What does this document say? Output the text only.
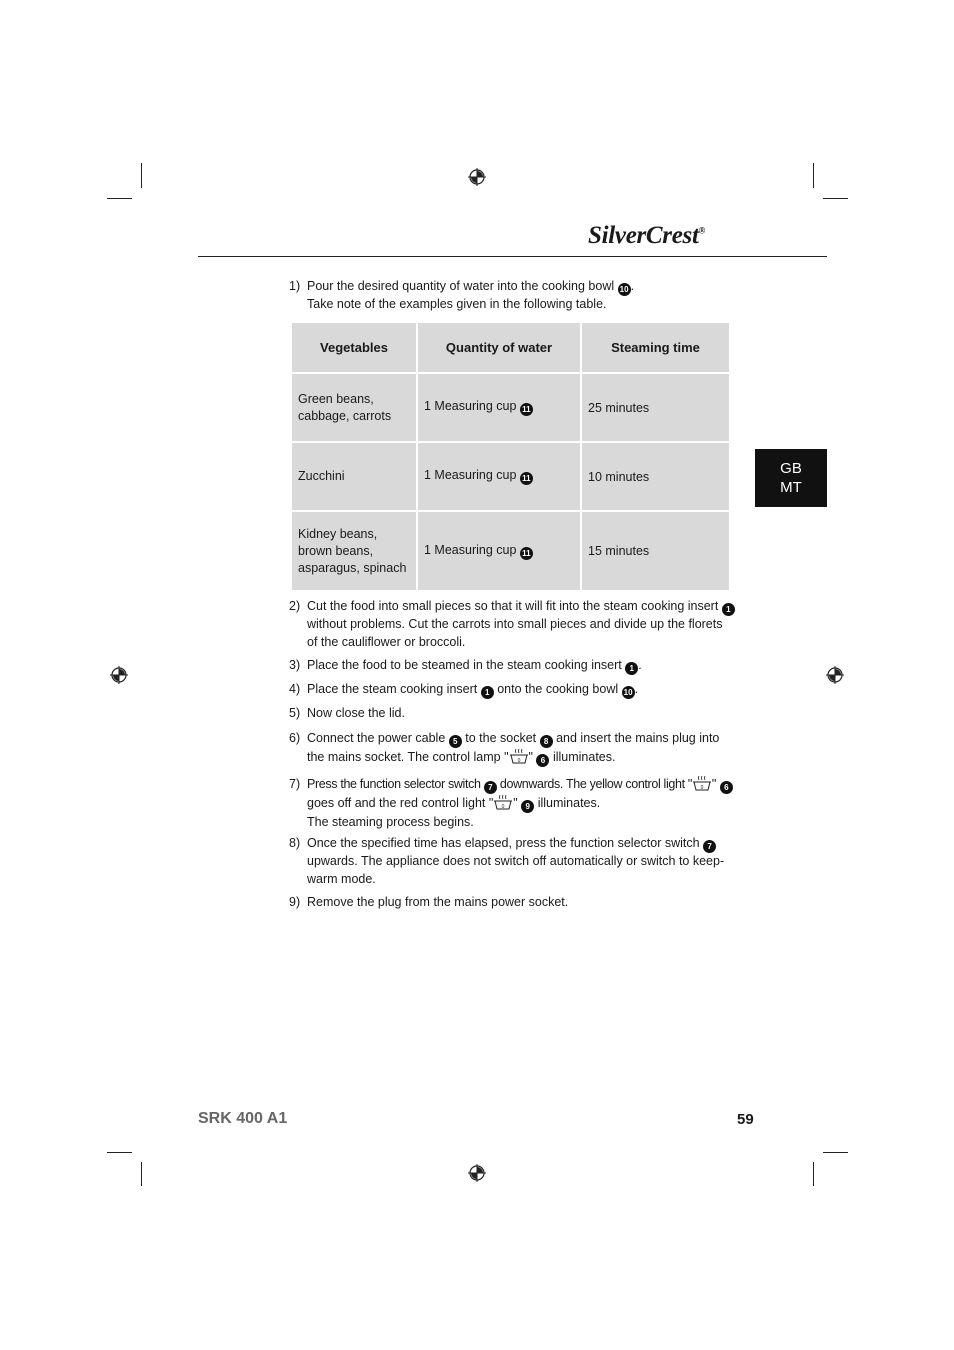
SilverCrest®
GB
MT
1) Pour the desired quantity of water into the cooking bowl 10 .
Take note of the examples given in the following table.
Vegetables	Quantity of water	Steaming time
Green beans,
cabbage, carrots	1 Measuring cup 11	25 minutes
Zucchini	1 Measuring cup 11	10 minutes
Kidney beans,
brown beans,
asparagus, spinach	1 Measuring cup 11	15 minutes
2) Cut the food into small pieces so that it will fit into the steam cooking insert 1 without problems. Cut the carrots into small pieces and divide up the florets of the cauliflower or broccoli.
3) Place the food to be steamed in the steam cooking insert 1 .
4) Place the steam cooking insert 1 onto the cooking bowl 10 .
5) Now close the lid.
6) Connect the power cable 5 to the socket 8 and insert the mains plug into the mains socket. The control lamp " 0 " 6 illuminates.
7) Press the function selector switch 7 downwards. The yellow control light " 0 " 6
goes off and the red control light " 0 " 9 illuminates.
The steaming process begins.
8) Once the specified time has elapsed, press the function selector switch 7 upwards. The appliance does not switch off automatically or switch to keep-warm mode.
9) Remove the plug from the mains power socket.
SRK 400 A1	59
